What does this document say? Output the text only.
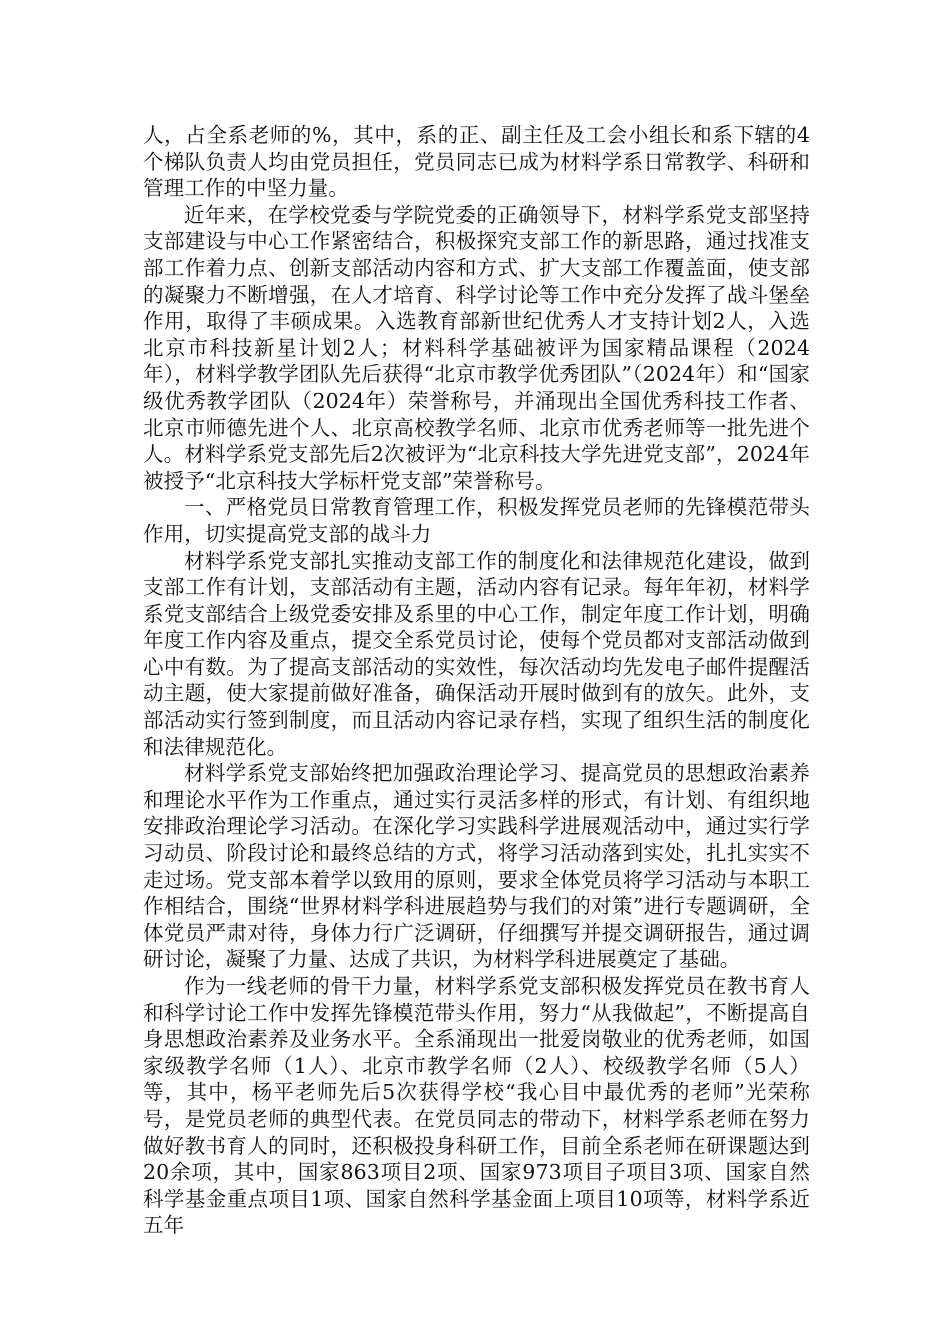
人，占全系老师的%，其中，系的正、副主任及工会小组长和系下辖的4个梯队负责人均由党员担任，党员同志已成为材料学系日常教学、科研和管理工作的中坚力量。

近年来，在学校党委与学院党委的正确领导下，材料学系党支部坚持支部建设与中心工作紧密结合，积极探究支部工作的新思路，通过找准支部工作着力点、创新支部活动内容和方式、扩大支部工作覆盖面，使支部的凝聚力不断增强，在人才培育、科学讨论等工作中充分发挥了战斗堡垒作用，取得了丰硕成果。入选教育部新世纪优秀人才支持计划2人，入选北京市科技新星计划2人；材料科学基础被评为国家精品课程（2024年），材料学教学团队先后获得“北京市教学优秀团队”（2024年）和“国家级优秀教学团队（2024年）荣誉称号，并涌现出全国优秀科技工作者、北京市师德先进个人、北京高校教学名师、北京市优秀老师等一批先进个人。材料学系党支部先后2次被评为“北京科技大学先进党支部”，2024年被授予“北京科技大学标杆党支部”荣誉称号。

一、严格党员日常教育管理工作，积极发挥党员老师的先锋模范带头作用，切实提高党支部的战斗力

材料学系党支部扎实推动支部工作的制度化和法律规范化建设，做到支部工作有计划，支部活动有主题，活动内容有记录。每年年初，材料学系党支部结合上级党委安排及系里的中心工作，制定年度工作计划，明确年度工作内容及重点，提交全系党员讨论，使每个党员都对支部活动做到心中有数。为了提高支部活动的实效性，每次活动均先发电子邮件提醒活动主题，使大家提前做好准备，确保活动开展时做到有的放矢。此外，支部活动实行签到制度，而且活动内容记录存档，实现了组织生活的制度化和法律规范化。

材料学系党支部始终把加强政治理论学习、提高党员的思想政治素养和理论水平作为工作重点，通过实行灵活多样的形式，有计划、有组织地安排政治理论学习活动。在深化学习实践科学进展观活动中，通过实行学习动员、阶段讨论和最终总结的方式，将学习活动落到实处，扎扎实实不走过场。党支部本着学以致用的原则，要求全体党员将学习活动与本职工作相结合，围绕“世界材料学科进展趋势与我们的对策”进行专题调研，全体党员严肃对待，身体力行广泛调研，仔细撰写并提交调研报告，通过调研讨论，凝聚了力量、达成了共识，为材料学科进展奠定了基础。

作为一线老师的骨干力量，材料学系党支部积极发挥党员在教书育人和科学讨论工作中发挥先锋模范带头作用，努力“从我做起”，不断提高自身思想政治素养及业务水平。全系涌现出一批爱岗敬业的优秀老师，如国家级教学名师（1人）、北京市教学名师（2人）、校级教学名师（5人）等，其中，杨平老师先后5次获得学校“我心目中最优秀的老师”光荣称号，是党员老师的典型代表。在党员同志的带动下，材料学系老师在努力做好教书育人的同时，还积极投身科研工作，目前全系老师在研课题达到20余项，其中，国家863项目2项、国家973项目子项目3项、国家自然科学基金重点项目1项、国家自然科学基金面上项目10项等，材料学系近五年
